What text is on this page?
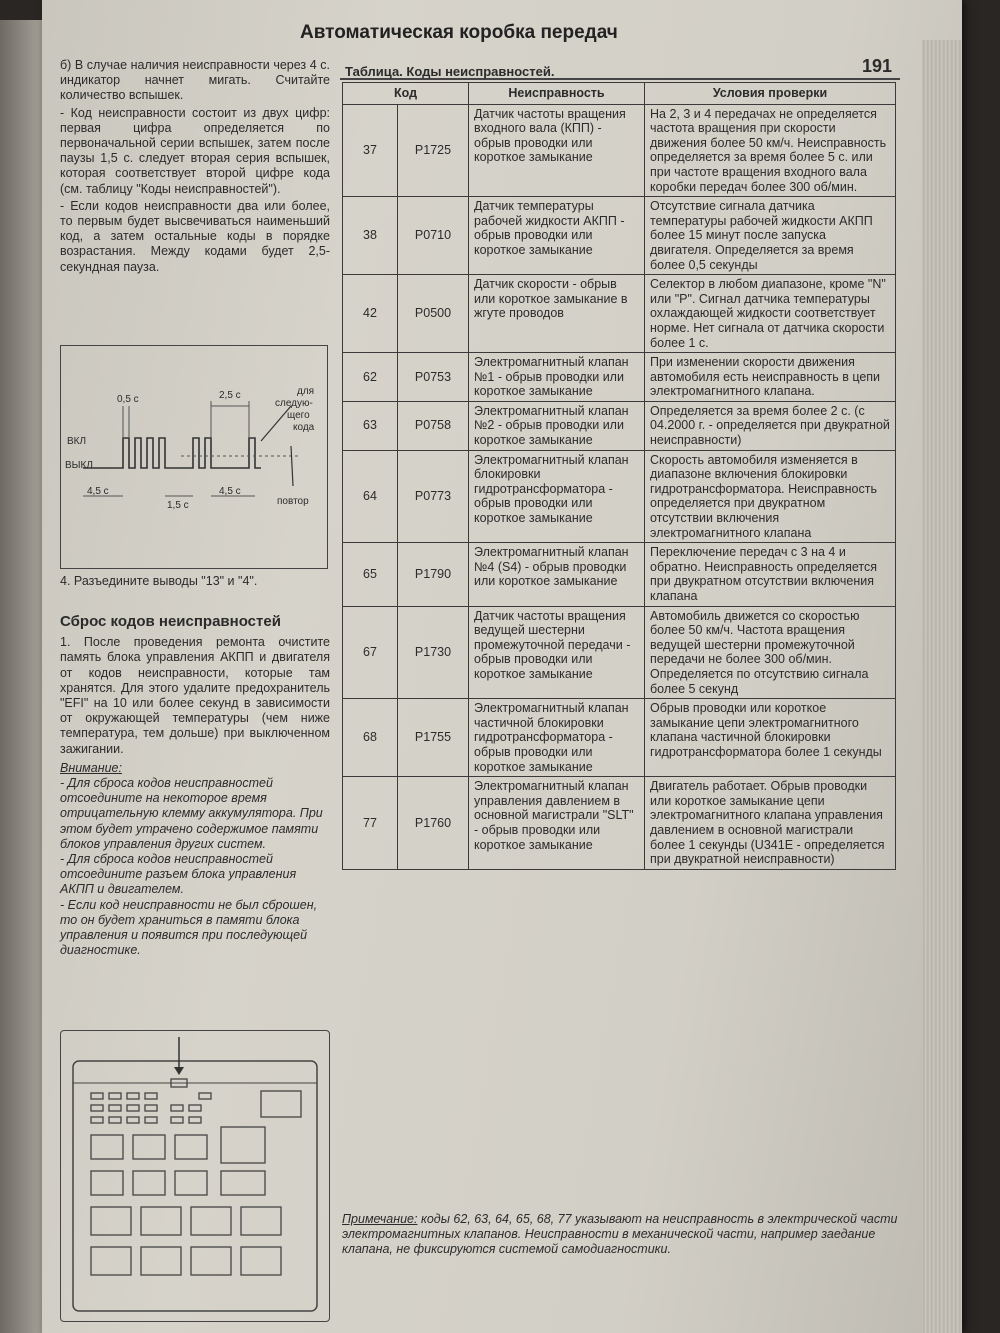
Автоматическая коробка передач
191

б) В случае наличия неисправности через 4 с. индикатор начнет мигать. Считайте количество вспышек.

- Код неисправности состоит из двух цифр: первая цифра определяется по первоначальной серии вспышек, затем после паузы 1,5 с. следует вторая серия вспышек, которая соответствует второй цифре кода (см. таблицу "Коды неисправностей").

- Если кодов неисправности два или более, то первым будет высвечиваться наименьший код, а затем остальные коды в порядке возрастания. Между кодами будет 2,5-секундная пауза.

ВКЛ
ВЫКЛ
0,5 с	2,5 с
4,5 с
1,5 с
4,5 с
для
следую-
щего
кода
повтор
4. Разъедините выводы "13" и "4".
Сброс кодов неисправностей

1. После проведения ремонта очистите память блока управления АКПП и двигателя от кодов неисправности, которые там хранятся. Для этого удалите предохранитель "EFI" на 10 или более секунд в зависимости от окружающей температуры (чем ниже температура, тем дольше) при выключенном зажигании.

Внимание:
- Для сброса кодов неисправностей отсоедините на некоторое время отрицательную клемму аккумулятора. При этом будет утрачено содержимое памяти блоков управления других систем.
- Для сброса кодов неисправностей отсоедините разъем блока управления АКПП и двигателем.
- Если код неисправности не был сброшен, то он будет храниться в памяти блока управления и появится при последующей диагностике.
Таблица. Коды неисправностей.
Код		Неисправность	Условия проверки
37	P1725	Датчик частоты вращения входного вала (КПП) - обрыв проводки или короткое замыкание	На 2, 3 и 4 передачах не определяется частота вращения при скорости движения более 50 км/ч. Неисправность определяется за время более 5 с. или при частоте вращения входного вала коробки передач более 300 об/мин.
38	P0710	Датчик температуры рабочей жидкости АКПП - обрыв проводки или короткое замыкание	Отсутствие сигнала датчика температуры рабочей жидкости АКПП более 15 минут после запуска двигателя. Определяется за время более 0,5 секунды
42	P0500	Датчик скорости - обрыв или короткое замыкание в жгуте проводов	Селектор в любом диапазоне, кроме "N" или "P". Сигнал датчика температуры охлаждающей жидкости соответствует норме. Нет сигнала от датчика скорости более 1 с.
62	P0753	Электромагнитный клапан №1 - обрыв проводки или короткое замыкание	При изменении скорости движения автомобиля есть неисправность в цепи электромагнитного клапана.
63	P0758	Электромагнитный клапан №2 - обрыв проводки или короткое замыкание	Определяется за время более 2 с. (с 04.2000 г. - определяется при двукратной неисправности)
64	P0773	Электромагнитный клапан блокировки гидротрансформатора - обрыв проводки или короткое замыкание	Скорость автомобиля изменяется в диапазоне включения блокировки гидротрансформатора. Неисправность определяется при двукратном отсутствии включения электромагнитного клапана
65	P1790	Электромагнитный клапан №4 (S4) - обрыв проводки или короткое замыкание	Переключение передач с 3 на 4 и обратно. Неисправность определяется при двукратном отсутствии включения клапана
67	P1730	Датчик частоты вращения ведущей шестерни промежуточной передачи - обрыв проводки или короткое замыкание	Автомобиль движется со скоростью более 50 км/ч. Частота вращения ведущей шестерни промежуточной передачи не более 300 об/мин. Определяется по отсутствию сигнала более 5 секунд
68	P1755	Электромагнитный клапан частичной блокировки гидротрансформатора - обрыв проводки или короткое замыкание	Обрыв проводки или короткое замыкание цепи электромагнитного клапана частичной блокировки гидротрансформатора более 1 секунды
77	P1760	Электромагнитный клапан управления давлением в основной магистрали "SLT" - обрыв проводки или короткое замыкание	Двигатель работает. Обрыв проводки или короткое замыкание цепи электромагнитного клапана управления давлением в основной магистрали более 1 секунды (U341E - определяется при двукратной неисправности)
Примечание: коды 62, 63, 64, 65, 68, 77 указывают на неисправность в электрической части электромагнитных клапанов. Неисправности в механической части, например заедание клапана, не фиксируются системой самодиагностики.
